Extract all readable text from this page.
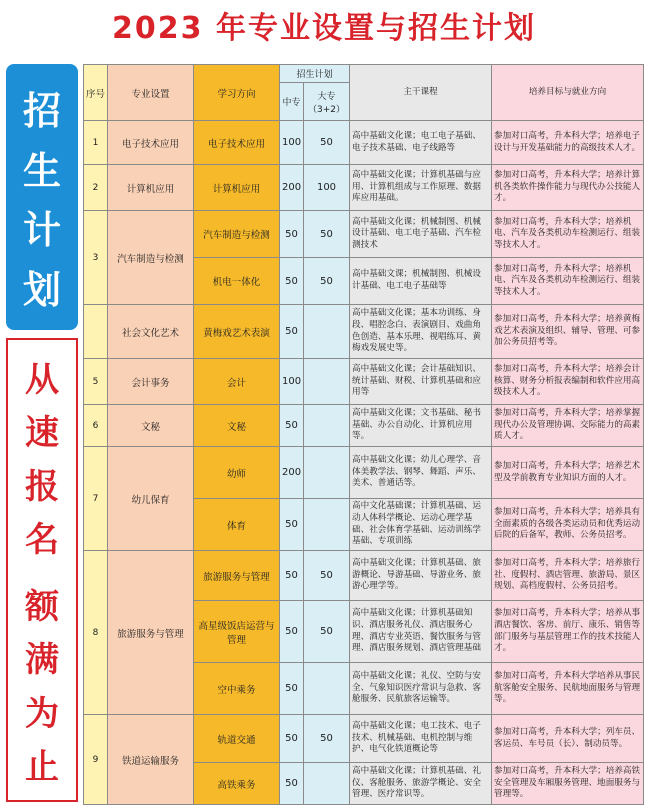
2023 年专业设置与招生计划
招
生
计
划
从
速
报
名
额
满
为
止
序号	专业设置	学习方向	招生计划		主干课程	培养目标与就业方向
			中专	大专（3+2）		
1	电子技术应用	电子技术应用	100	50	高中基础文化课；电工电子基础、电子技术基础、电子线路等	参加对口高考，升本科大学；培养电子设计与开发基础能力的高级技术人才。
2	计算机应用	计算机应用	200	100	高中基础文化课；计算机基础与应用、计算机组成与工作原理、数据库应用基础。	参加对口高考，升本科大学；培养计算机各类软件操作能力与现代办公技能人才。
3	汽车制造与检测	汽车制造与检测	50	50	高中基础文化课；机械制图、机械设计基础、电工电子基础、汽车检测技术	参加对口高考，升本科大学；培养机电、汽车及各类机动车检测运行、组装等技术人才。
		机电一体化	50	50	高中基础文课；机械制图、机械设计基础、电工电子基础等	参加对口高考，升本科大学；培养机电、汽车及各类机动车检测运行、组装等技术人才。
	社会文化艺术	黄梅戏艺术表演	50		高中基础文化课；基本功训练、身段、唱腔念白、表演剧目、戏曲角色创造、基本乐理、视唱练耳、黄梅戏发展史等。	参加对口高考，升本科大学；培养黄梅戏艺术表演及组织、辅导、管理、可参加公务员招考等。
5	会计事务	会计	100		高中基础文化课；会计基础知识、统计基础、财税、计算机基础和应用等	参加对口高考，升本科大学；培养会计核算、财务分析报表编制和软件应用高级技术人才。
6	文秘	文秘	50		高中基础文化课；文书基础、秘书基础、办公自动化、计算机应用等。	参加对口高考，升本科大学；培养掌握现代办公及管理协调、交际能力的高素质人才。
7	幼儿保育	幼师	200		高中基础文化课；幼儿心理学、音体美教学法、钢琴、舞蹈、声乐、美术、普通话等。	参加对口高考，升本科大学；培养艺术型及学前教育专业知识方面的人才。
		体育	50		高中文化基础课；计算机基础、运动人体科学概论、运动心理学基础、社会体育学基础、运动训练学基础、专项训练	参加对口高考，升本科大学；培养具有全面素质的各级各类运动员和优秀运动后院的后备军，教师、公务员招考。
8	旅游服务与管理	旅游服务与管理	50	50	高中基础文化课；计算机基础、旅游概论、导游基础、导游业务、旅游心理学等。	参加对口高考，升本科大学；培养旅行社、度假村、酒店管理、旅游局、景区规划、高档度假村、公务员招考。
		高星级饭店运营与管理	50	50	高中基础文化课；计算机基础知识、酒店服务礼仪、酒店服务心理、酒店专业英语、餐饮服务与管理、酒店服务规划、酒店管理基础	参加对口高考，升本科大学；培养从事酒店餐饮、客房、前厅、康乐、销售等部门服务与基层管理工作的技术技能人才。
		空中乘务	50		高中基础文化课；礼仪、空防与安全、气象知识医疗常识与急救、客舱服务、民航旅客运输等。	参加对口高考，升本科大学培养从事民航客舱安全服务、民航地面服务与管理等。
9	铁道运输服务	轨道交通	50	50	高中基础文化课；电工技术、电子技术、机械基础、电机控制与维护、电气化铁道概论等	参加对口高考，升本科大学；列车员、客运员、车号员（长）、制动员等。
		高铁乘务	50		高中基础文化课；计算机基础、礼仪、客舱服务、旅游学概论、安全管理、医疗常识等。	参加对口高考，升本科大学；培养高铁安全管理及车厢服务管理、地面服务与管理等。
